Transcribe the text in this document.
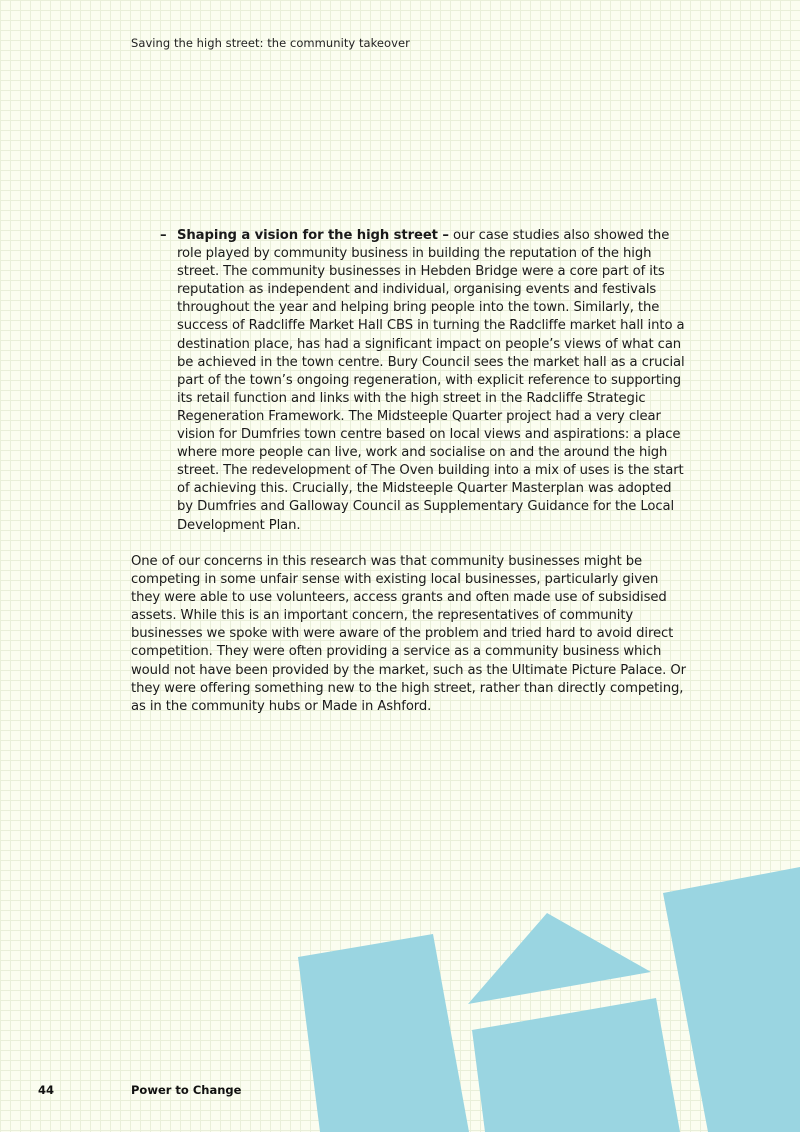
Saving the high street: the community takeover
– Shaping a vision for the high street – our case studies also showed the role played by community business in building the reputation of the high street. The community businesses in Hebden Bridge were a core part of its reputation as independent and individual, organising events and festivals throughout the year and helping bring people into the town. Similarly, the success of Radcliffe Market Hall CBS in turning the Radcliffe market hall into a destination place, has had a significant impact on people’s views of what can be achieved in the town centre. Bury Council sees the market hall as a crucial part of the town’s ongoing regeneration, with explicit reference to supporting its retail function and links with the high street in the Radcliffe Strategic Regeneration Framework. The Midsteeple Quarter project had a very clear vision for Dumfries town centre based on local views and aspirations: a place where more people can live, work and socialise on and the around the high street. The redevelopment of The Oven building into a mix of uses is the start of achieving this. Crucially, the Midsteeple Quarter Masterplan was adopted by Dumfries and Galloway Council as Supplementary Guidance for the Local Development Plan.

One of our concerns in this research was that community businesses might be competing in some unfair sense with existing local businesses, particularly given they were able to use volunteers, access grants and often made use of subsidised assets. While this is an important concern, the representatives of community businesses we spoke with were aware of the problem and tried hard to avoid direct competition. They were often providing a service as a community business which would not have been provided by the market, such as the Ultimate Picture Palace. Or they were offering something new to the high street, rather than directly competing, as in the community hubs or Made in Ashford.

44	Power to Change
